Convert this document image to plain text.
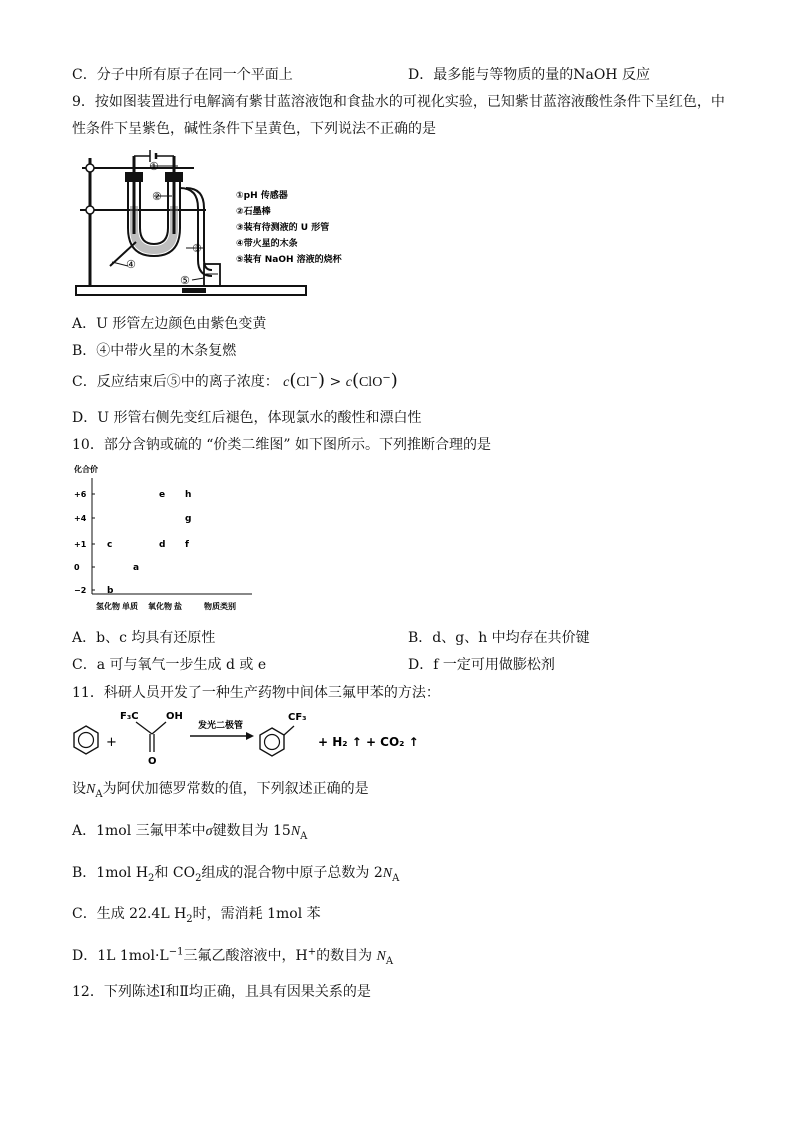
C．分子中所有原子在同一个平面上	D．最多能与等物质的量的NaOH 反应
9．按如图装置进行电解滴有紫甘蓝溶液饱和食盐水的可视化实验，已知紫甘蓝溶液酸性条件下呈红色，中
性条件下呈紫色，碱性条件下呈黄色，下列说法不正确的是
①
②
③
④
⑤
①pH 传感器
②石墨棒
③装有待测液的 U 形管
④带火星的木条
⑤装有 NaOH 溶液的烧杯
A．U 形管左边颜色由紫色变黄
B．④中带火星的木条复燃
C．反应结束后⑤中的离子浓度： c(Cl−) > c(ClO−)
D．U 形管右侧先变红后褪色，体现氯水的酸性和漂白性
10．部分含钠或硫的 “价类二维图” 如下图所示。下列推断合理的是
化合价
+6
+4
+1
0
−2
氢化物 单质 氧化物 盐
e h
g
c	d f
a
b
物质类别
A．b、c 均具有还原性	B．d、g、h 中均存在共价键
C．a 可与氧气一步生成 d 或 e	D．f 一定可用做膨松剂
11．科研人员开发了一种生产药物中间体三氟甲苯的方法：
+
F₃C	OH
O
发光二极管
CF₃
+ H₂ ↑ + CO₂ ↑
设$N_A$为阿伏加德罗常数的值，下列叙述正确的是
A．1mol 三氟甲苯中σ键数目为 $15N_A$
B．1mol $H_2$和 $CO_2$组成的混合物中原子总数为 $2N_A$
C．生成 22.4L $H_2$时，需消耗 1mol 苯
D．1L $1mol\cdot L^{-1}$三氟乙酸溶液中，H+的数目为 $N_A$
12．下列陈述Ⅰ和Ⅱ均正确，且具有因果关系的是
